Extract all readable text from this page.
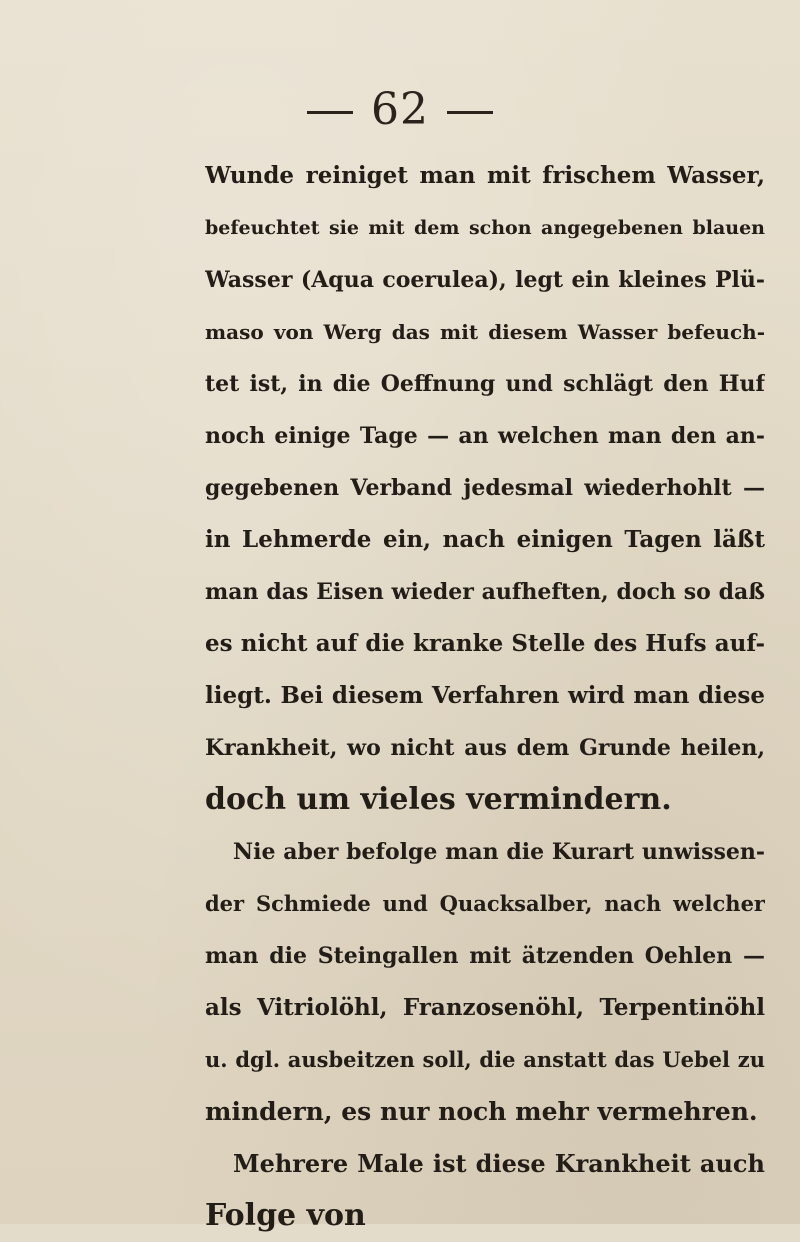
62
Wunde reiniget man mit frischem Wasser,
befeuchtet sie mit dem schon angegebenen blauen
Wasser (Aqua coerulea), legt ein kleines Plü-
maso von Werg das mit diesem Wasser befeuch-
tet ist, in die Oeffnung und schlägt den Huf
noch einige Tage — an welchen man den an-
gegebenen Verband jedesmal wiederhohlt —
in Lehmerde ein, nach einigen Tagen läßt
man das Eisen wieder aufheften, doch so daß
es nicht auf die kranke Stelle des Hufs auf-
liegt. Bei diesem Verfahren wird man diese
Krankheit, wo nicht aus dem Grunde heilen,
doch um vieles vermindern.
Nie aber befolge man die Kurart unwissen-
der Schmiede und Quacksalber, nach welcher
man die Steingallen mit ätzenden Oehlen —
als Vitriolöhl, Franzosenöhl, Terpentinöhl
u. dgl. ausbeitzen soll, die anstatt das Uebel zu
mindern, es nur noch mehr vermehren.
Mehrere Male ist diese Krankheit auch
Folge von
